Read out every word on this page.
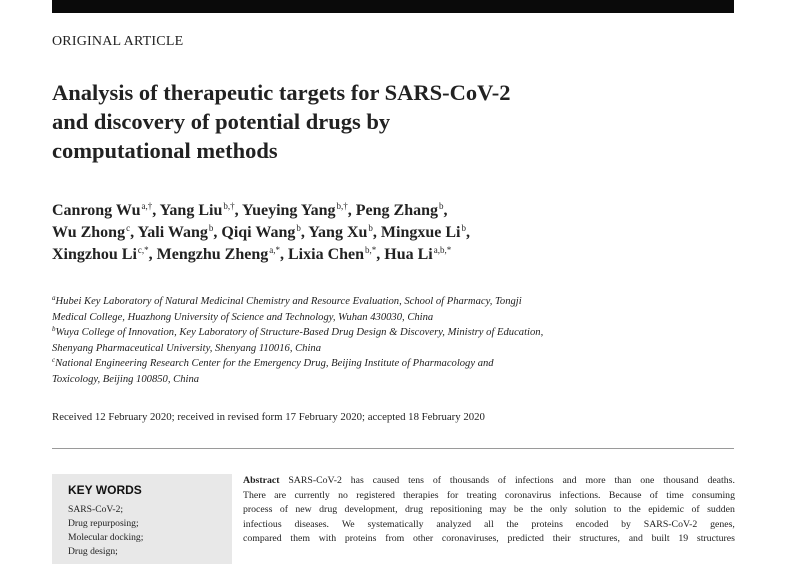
ORIGINAL ARTICLE
Analysis of therapeutic targets for SARS-CoV-2
and discovery of potential drugs by
computational methods
Canrong $Wu^{a,\dagger}$, Yang Liu$^{b,\dagger}$, Yueying Yang$^{b,\dagger}$, Peng Zhang$^b$,
Wu Zhong$^c$, Yali Wang$^b$, Qiqi Wang$^b$, Yang Xu$^b$, Mingxue Li$^b$,
Xingzhou $Li^{c,*}$, Mengzhu Zheng$^{a,*}$, Lixia Chen$^{b,*}$, Hua $Li^{a,b,*}$
$^a$Hubei Key Laboratory of Natural Medicinal Chemistry and Resource Evaluation, School of Pharmacy, Tongji
Medical College, Huazhong University of Science and Technology, Wuhan 430030, China
$^b$Wuya College of Innovation, Key Laboratory of Structure-Based Drug Design & Discovery, Ministry of Education,
Shenyang Pharmaceutical University, Shenyang 110016, China
$^c$National Engineering Research Center for the Emergency Drug, Beijing Institute of Pharmacology and
Toxicology, Beijing 100850, China
Received 12 February 2020; received in revised form 17 February 2020; accepted 18 February 2020
KEY WORDS
SARS-CoV-2;
Drug repurposing;
Molecular docking;
Drug design;
Abstract SARS-CoV-2 has caused tens of thousands of infections and more than one thousand deaths.
There are currently no registered therapies for treating coronavirus infections. Because of time consuming
process of new drug development, drug repositioning may be the only solution to the epidemic of sudden
infectious diseases. We systematically analyzed all the proteins encoded by SARS-CoV-2 genes,
compared them with proteins from other coronaviruses, predicted their structures, and built 19 structures
